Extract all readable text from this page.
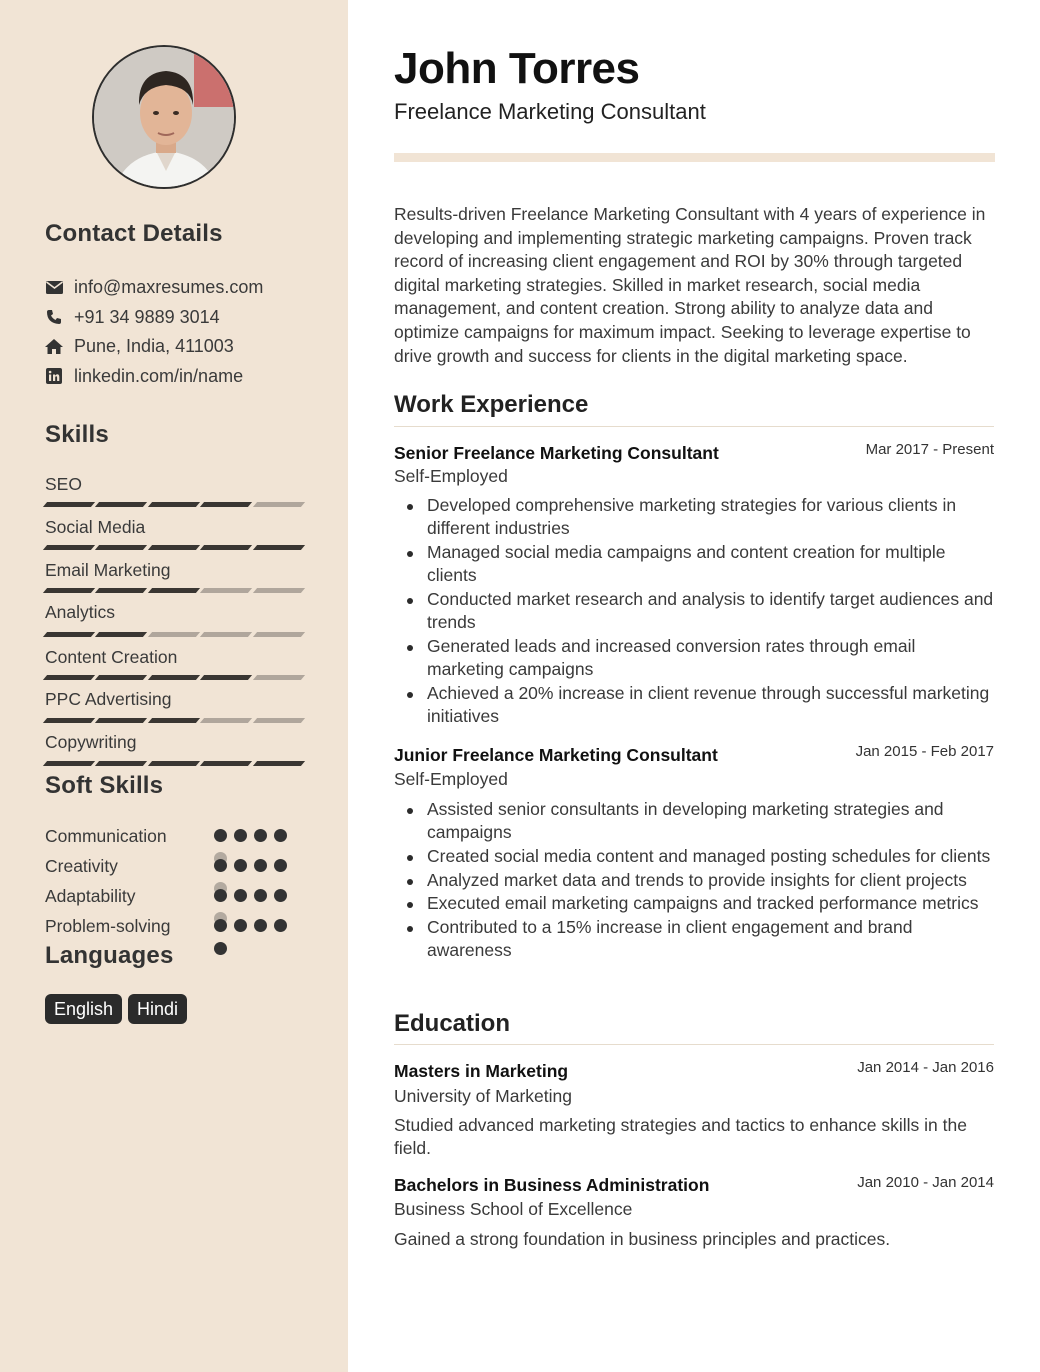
Contact Details
info@maxresumes.com
+91 34 9889 3014
Pune, India, 411003
linkedin.com/in/name
Skills
SEO
Social Media
Email Marketing
Analytics
Content Creation
PPC Advertising
Copywriting
Soft Skills
Communication
Creativity
Adaptability
Problem-solving
Languages
English	Hindi
John Torres
Freelance Marketing Consultant
Results-driven Freelance Marketing Consultant with 4 years of experience in developing and implementing strategic marketing campaigns. Proven track record of increasing client engagement and ROI by 30% through targeted digital marketing strategies. Skilled in market research, social media management, and content creation. Strong ability to analyze data and optimize campaigns for maximum impact. Seeking to leverage expertise to drive growth and success for clients in the digital marketing space.
Work Experience
Senior Freelance Marketing Consultant	Mar 2017 - Present
Self-Employed
Developed comprehensive marketing strategies for various clients in different industries
Managed social media campaigns and content creation for multiple clients
Conducted market research and analysis to identify target audiences and trends
Generated leads and increased conversion rates through email marketing campaigns
Achieved a 20% increase in client revenue through successful marketing initiatives
Junior Freelance Marketing Consultant	Jan 2015 - Feb 2017
Self-Employed
Assisted senior consultants in developing marketing strategies and campaigns
Created social media content and managed posting schedules for clients
Analyzed market data and trends to provide insights for client projects
Executed email marketing campaigns and tracked performance metrics
Contributed to a 15% increase in client engagement and brand awareness
Education
Masters in Marketing	Jan 2014 - Jan 2016
University of Marketing
Studied advanced marketing strategies and tactics to enhance skills in the field.
Bachelors in Business Administration	Jan 2010 - Jan 2014
Business School of Excellence
Gained a strong foundation in business principles and practices.
